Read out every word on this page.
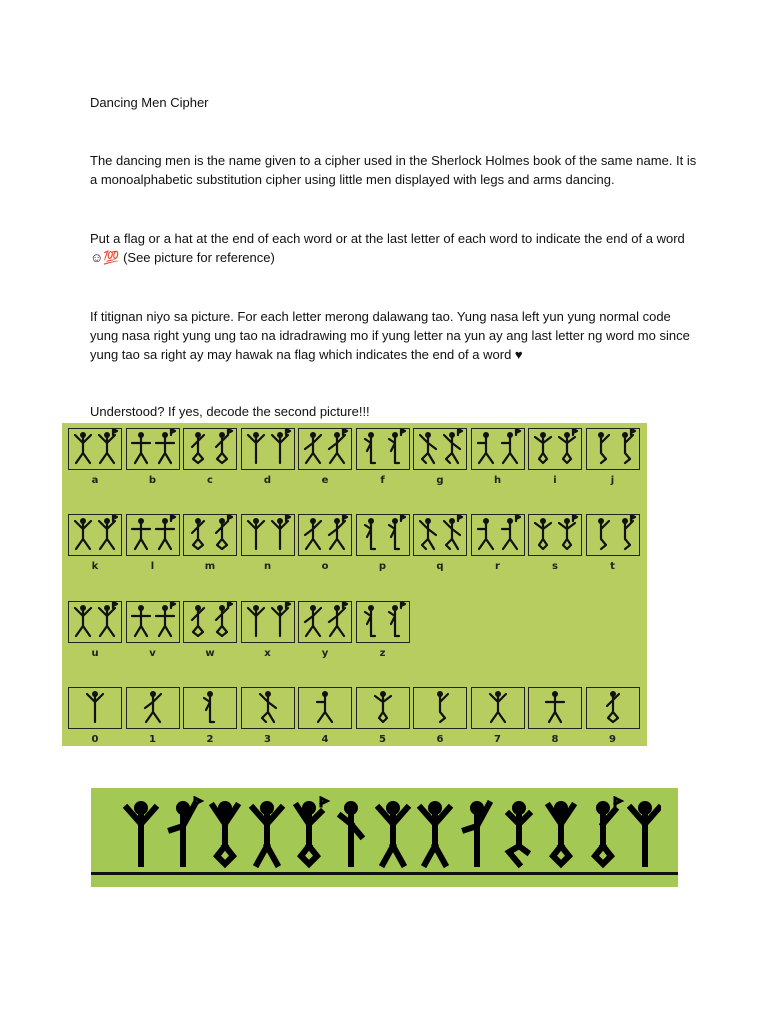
Dancing Men Cipher

The dancing men is the name given to a cipher used in the Sherlock Holmes book of the same name. It is
a monoalphabetic substitution cipher using little men displayed with legs and arms dancing.

Put a flag or a hat at the end of each word or at the last letter of each word to indicate the end of a word
☺💯 (See picture for reference)

If titignan niyo sa picture. For each letter merong dalawang tao. Yung nasa left yun yung normal code
yung nasa right yung ung tao na idradrawing mo if yung letter na yun ay ang last letter ng word mo since
yung tao sa right ay may hawak na flag which indicates the end of a word ♥

Understood? If yes, decode the second picture!!!

a	b	c	d	e	f	g	h	i	j
k	l	m	n	o	p	q	r	s	t
u	v	w	x	y	z
0	1	2	3	4	5	6	7	8	9
